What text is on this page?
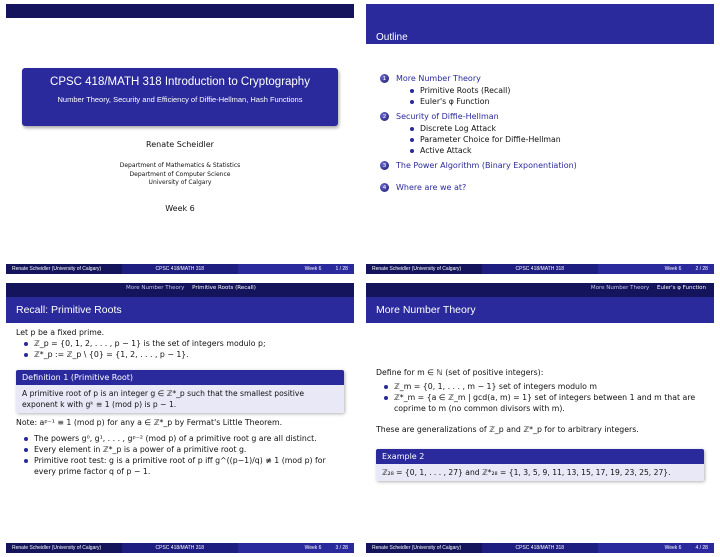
CPSC 418/MATH 318 Introduction to Cryptography
Number Theory, Security and Efficiency of Diffie-Hellman, Hash Functions
Renate Scheidler
Department of Mathematics & Statistics
Department of Computer Science
University of Calgary
Week 6
Renate Scheidler (University of Calgary)	CPSC 418/MATH 318	Week 6	1 / 28
Outline
1	More Number Theory
Primitive Roots (Recall)
Euler's φ Function
2	Security of Diffie-Hellman
Discrete Log Attack
Parameter Choice for Diffie-Hellman
Active Attack
3	The Power Algorithm (Binary Exponentiation)
4	Where are we at?
Renate Scheidler (University of Calgary)	CPSC 418/MATH 318	Week 6	2 / 28
More Number Theory Primitive Roots (Recall)
Recall: Primitive Roots
Let p be a fixed prime.
ℤ_p = {0, 1, 2, . . . , p − 1} is the set of integers modulo p;
ℤ*_p := ℤ_p \ {0} = {1, 2, . . . , p − 1}.
Definition 1 (Primitive Root)
A primitive root of p is an integer g ∈ ℤ*_p such that the smallest positive
exponent k with gᵏ ≡ 1 (mod p) is p − 1.
Note: aᵖ⁻¹ ≡ 1 (mod p) for any a ∈ ℤ*_p by Fermat's Little Theorem.
The powers g⁰, g¹, . . . , gᵖ⁻² (mod p) of a primitive root g are all distinct.
Every element in ℤ*_p is a power of a primitive root g.
Primitive root test: g is a primitive root of p iff g^((p−1)/q) ≢ 1 (mod p) for every prime factor q of p − 1.
Renate Scheidler (University of Calgary)	CPSC 418/MATH 318	Week 6	3 / 28
More Number Theory Euler's φ Function
More Number Theory
Define for m ∈ ℕ (set of positive integers):
ℤ_m = {0, 1, . . . , m − 1} set of integers modulo m
ℤ*_m = {a ∈ ℤ_m | gcd(a, m) = 1} set of integers between 1 and m that are coprime to m (no common divisors with m).
These are generalizations of ℤ_p and ℤ*_p for to arbitrary integers.
Example 2
ℤ₂₈ = {0, 1, . . . , 27} and ℤ*₂₈ = {1, 3, 5, 9, 11, 13, 15, 17, 19, 23, 25, 27}.
Renate Scheidler (University of Calgary)	CPSC 418/MATH 318	Week 6	4 / 28
